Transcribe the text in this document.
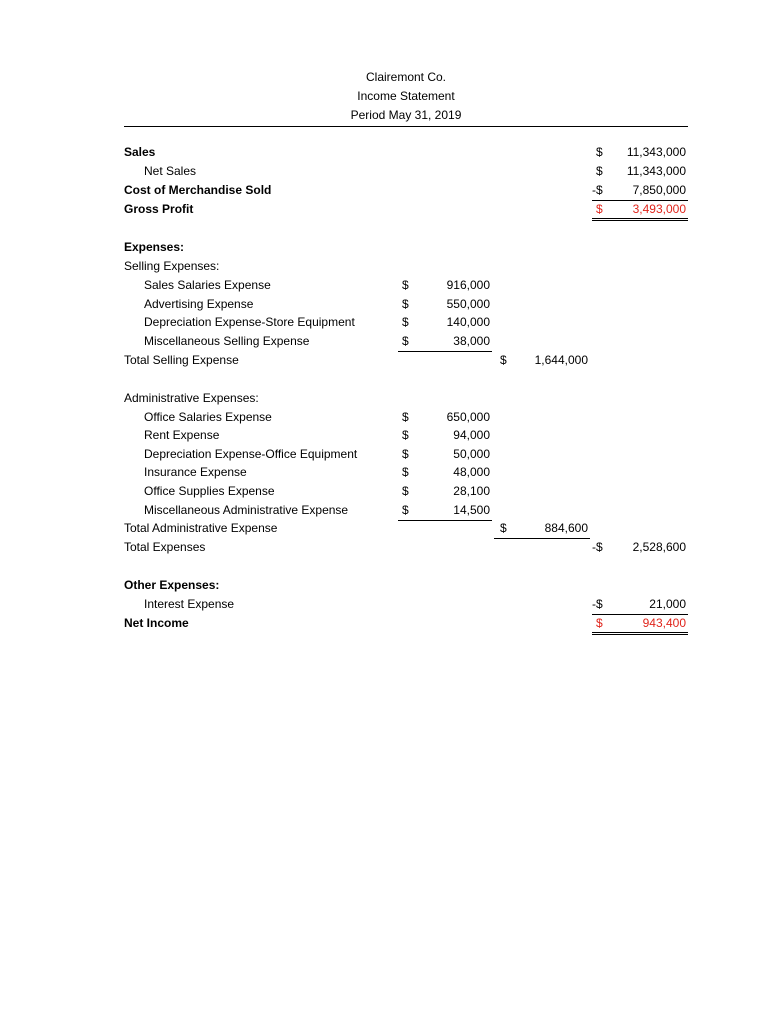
Clairemont Co.
Income Statement
Period May 31, 2019
Sales	$	11,343,000
Net Sales	$	11,343,000
Cost of Merchandise Sold	-$ 7,850,000
Gross Profit	$	3,493,000
Expenses:
Selling Expenses:
Sales Salaries Expense	$	916,000
Advertising Expense	$	550,000
Depreciation Expense-Store Equipment	$	140,000
Miscellaneous Selling Expense	$	38,000
Total Selling Expense	$	1,644,000
Administrative Expenses:
Office Salaries Expense	$	650,000
Rent Expense	$	94,000
Depreciation Expense-Office Equipment	$	50,000
Insurance Expense	$	48,000
Office Supplies Expense	$	28,100
Miscellaneous Administrative Expense	$	14,500
Total Administrative Expense	$	884,600
Total Expenses	-$ 2,528,600
Other Expenses:
Interest Expense	-$	21,000
Net Income	$	943,400
